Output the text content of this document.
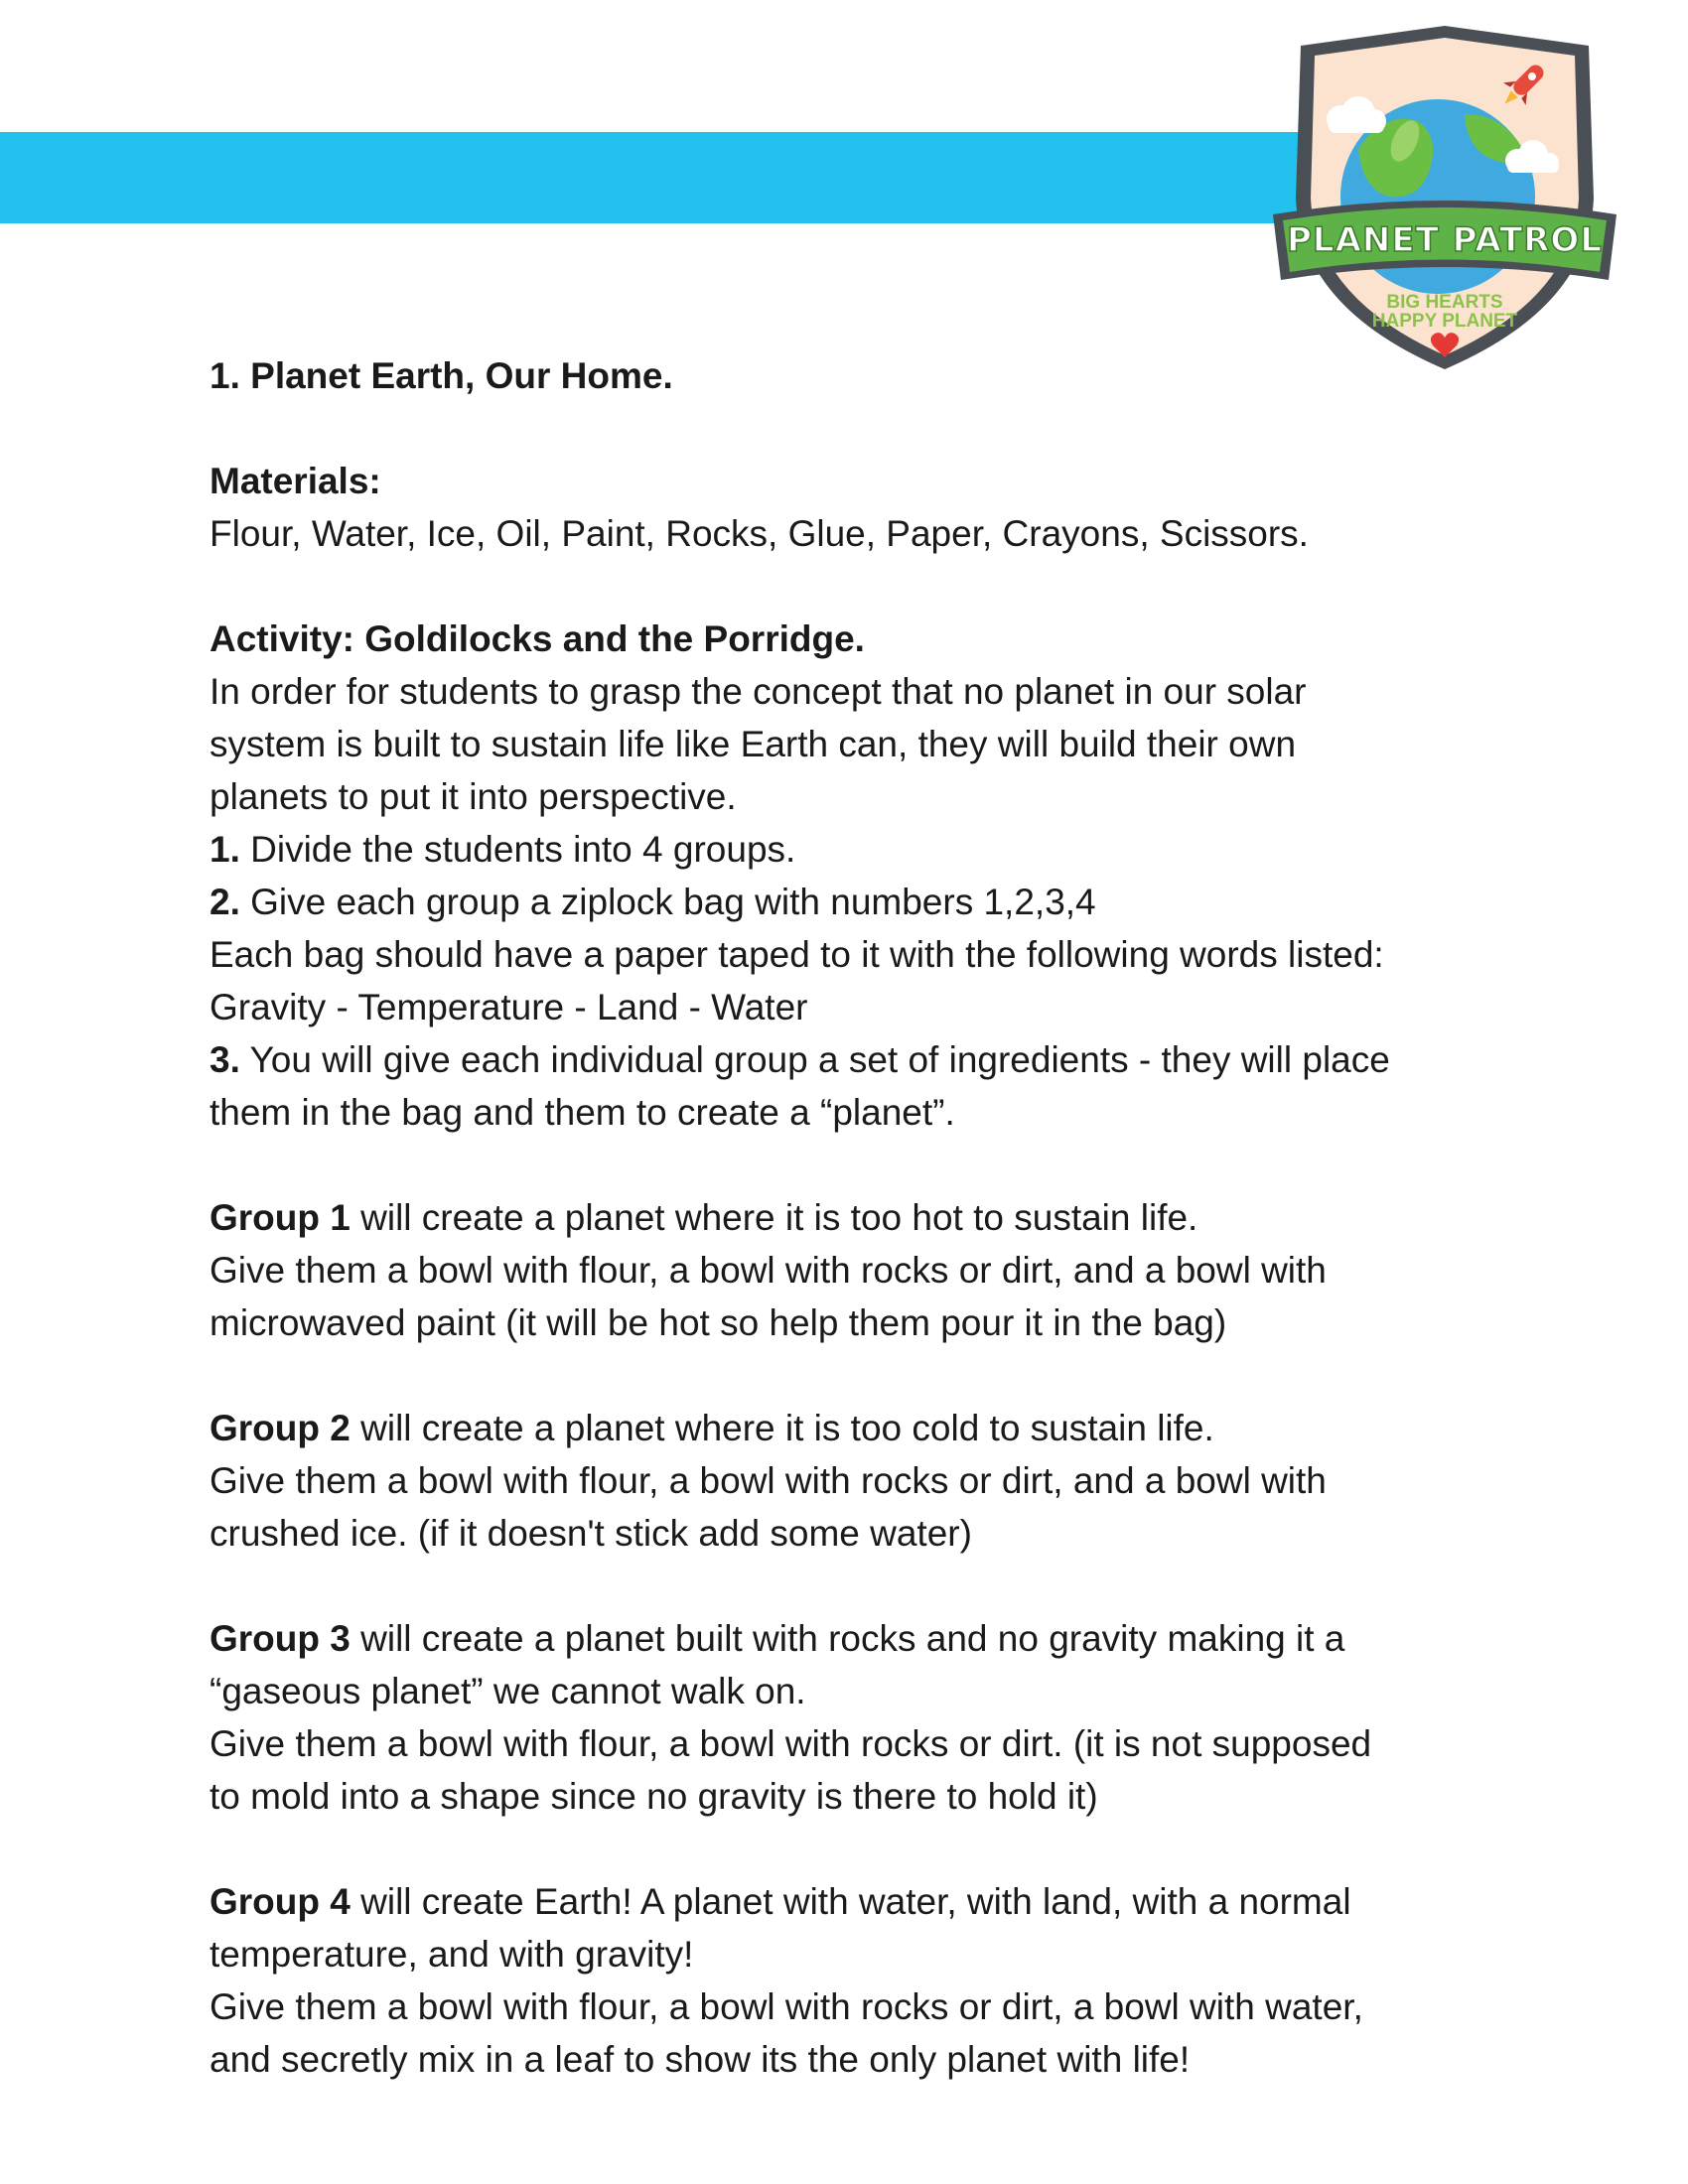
PLANET PATROL
BIG HEARTS
HAPPY PLANET

1. Planet Earth, Our Home.

Materials:

Flour, Water, Ice, Oil, Paint, Rocks, Glue, Paper, Crayons, Scissors.

Activity: Goldilocks and the Porridge.

In order for students to grasp the concept that no planet in our solar

system is built to sustain life like Earth can, they will build their own

planets to put it into perspective.

1. Divide the students into 4 groups.

2. Give each group a ziplock bag with numbers 1,2,3,4

Each bag should have a paper taped to it with the following words listed:

Gravity - Temperature - Land - Water

3. You will give each individual group a set of ingredients - they will place

them in the bag and them to create a “planet”.

Group 1 will create a planet where it is too hot to sustain life.

Give them a bowl with flour, a bowl with rocks or dirt, and a bowl with

microwaved paint (it will be hot so help them pour it in the bag)

Group 2 will create a planet where it is too cold to sustain life.

Give them a bowl with flour, a bowl with rocks or dirt, and a bowl with

crushed ice. (if it doesn't stick add some water)

Group 3 will create a planet built with rocks and no gravity making it a

“gaseous planet” we cannot walk on.

Give them a bowl with flour, a bowl with rocks or dirt. (it is not supposed

to mold into a shape since no gravity is there to hold it)

Group 4 will create Earth! A planet with water, with land, with a normal

temperature, and with gravity!

Give them a bowl with flour, a bowl with rocks or dirt, a bowl with water,

and secretly mix in a leaf to show its the only planet with life!
